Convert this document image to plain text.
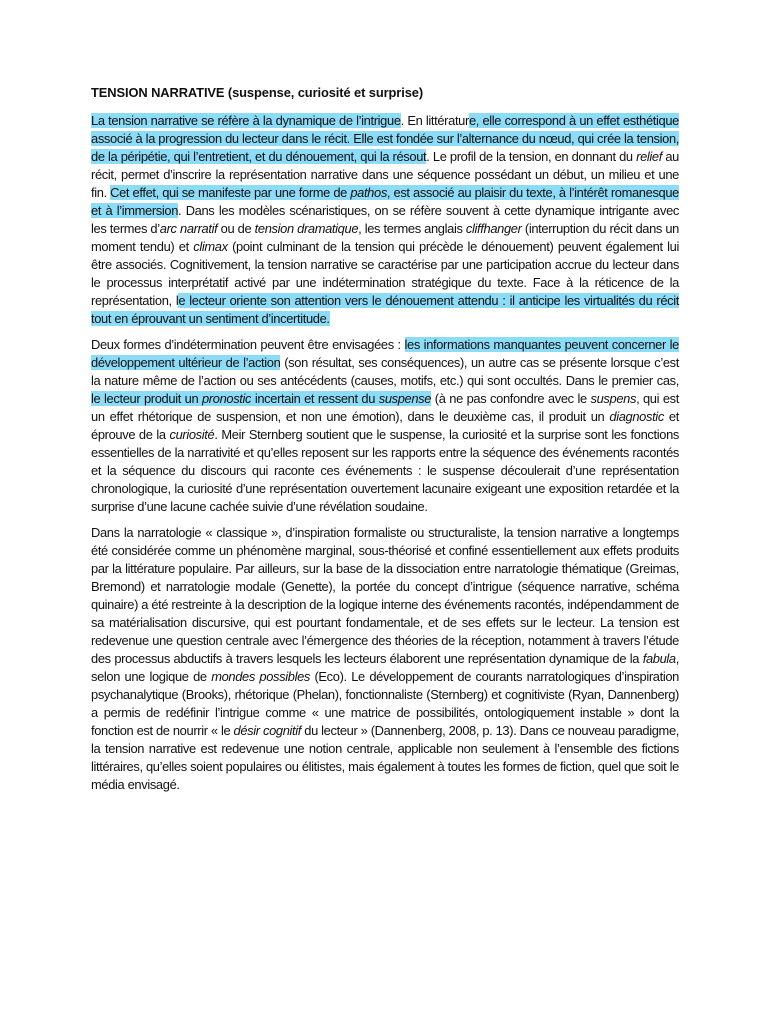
TENSION NARRATIVE (suspense, curiosité et surprise)

La tension narrative se réfère à la dynamique de l’intrigue. En littérature, elle correspond à un effet esthétique associé à la progression du lecteur dans le récit. Elle est fondée sur l’alternance du nœud, qui crée la tension, de la péripétie, qui l’entretient, et du dénouement, qui la résout. Le profil de la tension, en donnant du relief au récit, permet d’inscrire la représentation narrative dans une séquence possédant un début, un milieu et une fin. Cet effet, qui se manifeste par une forme de pathos, est associé au plaisir du texte, à l’intérêt romanesque et à l’immersion. Dans les modèles scénaristiques, on se réfère souvent à cette dynamique intrigante avec les termes d’arc narratif ou de tension dramatique, les termes anglais cliffhanger (interruption du récit dans un moment tendu) et climax (point culminant de la tension qui précède le dénouement) peuvent également lui être associés. Cognitivement, la tension narrative se caractérise par une participation accrue du lecteur dans le processus interprétatif activé par une indétermination stratégique du texte. Face à la réticence de la représentation, le lecteur oriente son attention vers le dénouement attendu : il anticipe les virtualités du récit tout en éprouvant un sentiment d’incertitude.

Deux formes d’indétermination peuvent être envisagées : les informations manquantes peuvent concerner le développement ultérieur de l’action (son résultat, ses conséquences), un autre cas se présente lorsque c’est la nature même de l’action ou ses antécédents (causes, motifs, etc.) qui sont occultés. Dans le premier cas, le lecteur produit un pronostic incertain et ressent du suspense (à ne pas confondre avec le suspens, qui est un effet rhétorique de suspension, et non une émotion), dans le deuxième cas, il produit un diagnostic et éprouve de la curiosité. Meir Sternberg soutient que le suspense, la curiosité et la surprise sont les fonctions essentielles de la narrativité et qu’elles reposent sur les rapports entre la séquence des événements racontés et la séquence du discours qui raconte ces événements : le suspense découlerait d’une représentation chronologique, la curiosité d’une représentation ouvertement lacunaire exigeant une exposition retardée et la surprise d’une lacune cachée suivie d’une révélation soudaine.

Dans la narratologie « classique », d’inspiration formaliste ou structuraliste, la tension narrative a longtemps été considérée comme un phénomène marginal, sous-théorisé et confiné essentiellement aux effets produits par la littérature populaire. Par ailleurs, sur la base de la dissociation entre narratologie thématique (Greimas, Bremond) et narratologie modale (Genette), la portée du concept d’intrigue (séquence narrative, schéma quinaire) a été restreinte à la description de la logique interne des événements racontés, indépendamment de sa matérialisation discursive, qui est pourtant fondamentale, et de ses effets sur le lecteur. La tension est redevenue une question centrale avec l’émergence des théories de la réception, notamment à travers l’étude des processus abductifs à travers lesquels les lecteurs élaborent une représentation dynamique de la fabula, selon une logique de mondes possibles (Eco). Le développement de courants narratologiques d’inspiration psychanalytique (Brooks), rhétorique (Phelan), fonctionnaliste (Sternberg) et cognitiviste (Ryan, Dannenberg) a permis de redéfinir l’intrigue comme « une matrice de possibilités, ontologiquement instable » dont la fonction est de nourrir « le désir cognitif du lecteur » (Dannenberg, 2008, p. 13). Dans ce nouveau paradigme, la tension narrative est redevenue une notion centrale, applicable non seulement à l’ensemble des fictions littéraires, qu’elles soient populaires ou élitistes, mais également à toutes les formes de fiction, quel que soit le média envisagé.
